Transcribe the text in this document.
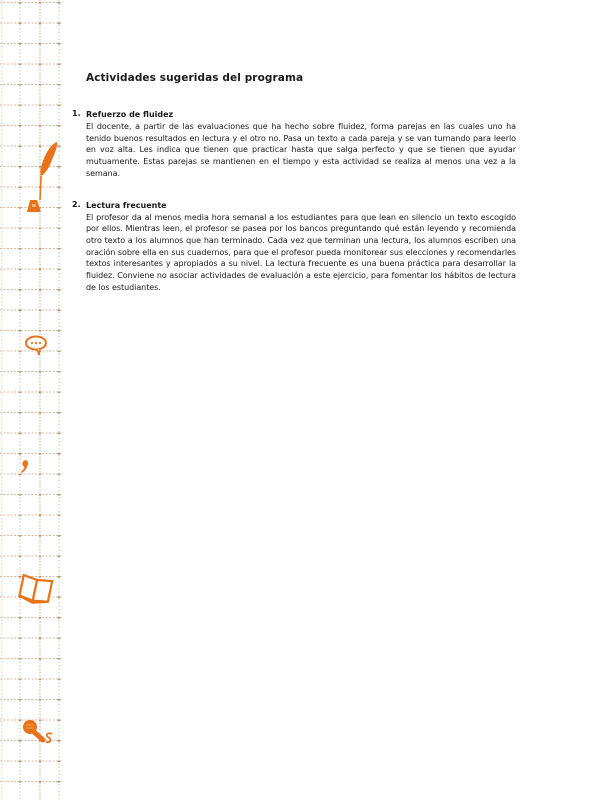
Actividades sugeridas del programa
1. Refuerzo de fluidez

El docente, a partir de las evaluaciones que ha hecho sobre fluidez, forma parejas en las cuales uno ha tenido buenos resultados en lectura y el otro no. Pasa un texto a cada pareja y se van turnando para leerlo en voz alta. Les indica que tienen que practicar hasta que salga perfecto y que se tienen que ayudar mutuamente. Estas parejas se mantienen en el tiempo y esta actividad se realiza al menos una vez a la semana.

2. Lectura frecuente

El profesor da al menos media hora semanal a los estudiantes para que lean en silencio un texto escogido por ellos. Mientras leen, el profesor se pasea por los bancos preguntando qué están leyendo y recomienda otro texto a los alumnos que han terminado. Cada vez que terminan una lectura, los alumnos escriben una oración sobre ella en sus cuadernos, para que el profesor pueda monitorear sus elecciones y recomendarles textos interesantes y apropiados a su nivel. La lectura frecuente es una buena práctica para desarrollar la fluidez. Conviene no asociar actividades de evaluación a este ejercicio, para fomentar los hábitos de lectura de los estudiantes.
